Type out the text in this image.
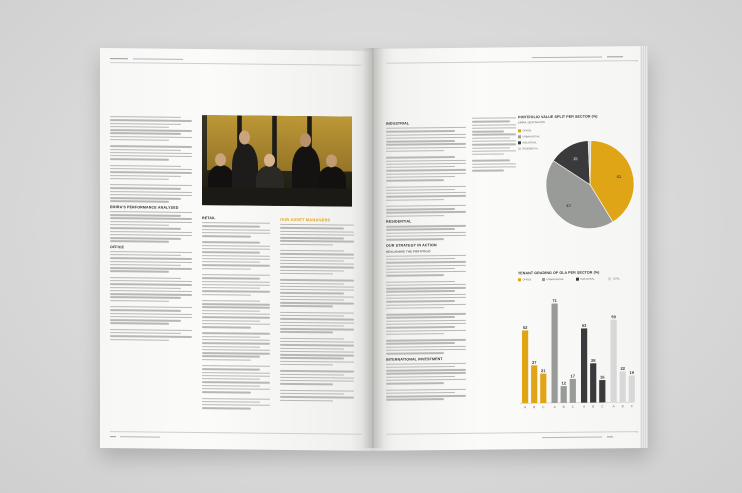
EMIRA'S PERFORMANCE ANALYSED
OFFICE
RETAIL	OUR ASSET MANAGERS

INDUSTRIAL
RESIDENTIAL
OUR STRATEGY IN ACTION
REALIGNING THE PORTFOLIO
INTERNATIONAL INVESTMENT
PORTFOLIO VALUE SPLIT PER SECTOR (%)
EMIRA, DESTINATION
OFFICE
URBAN RETAIL
INDUSTRIAL
RESIDENTIAL
41
43
15
TENANT GRADING OF GLA PER SECTOR (%)
OFFICE	URBAN RETAIL	INDUSTRIAL	TOTAL
52
A
27
B
21
C
71
A
12
B
17
C
53
A
28
B
16
C
59
A
22
B
19
C
